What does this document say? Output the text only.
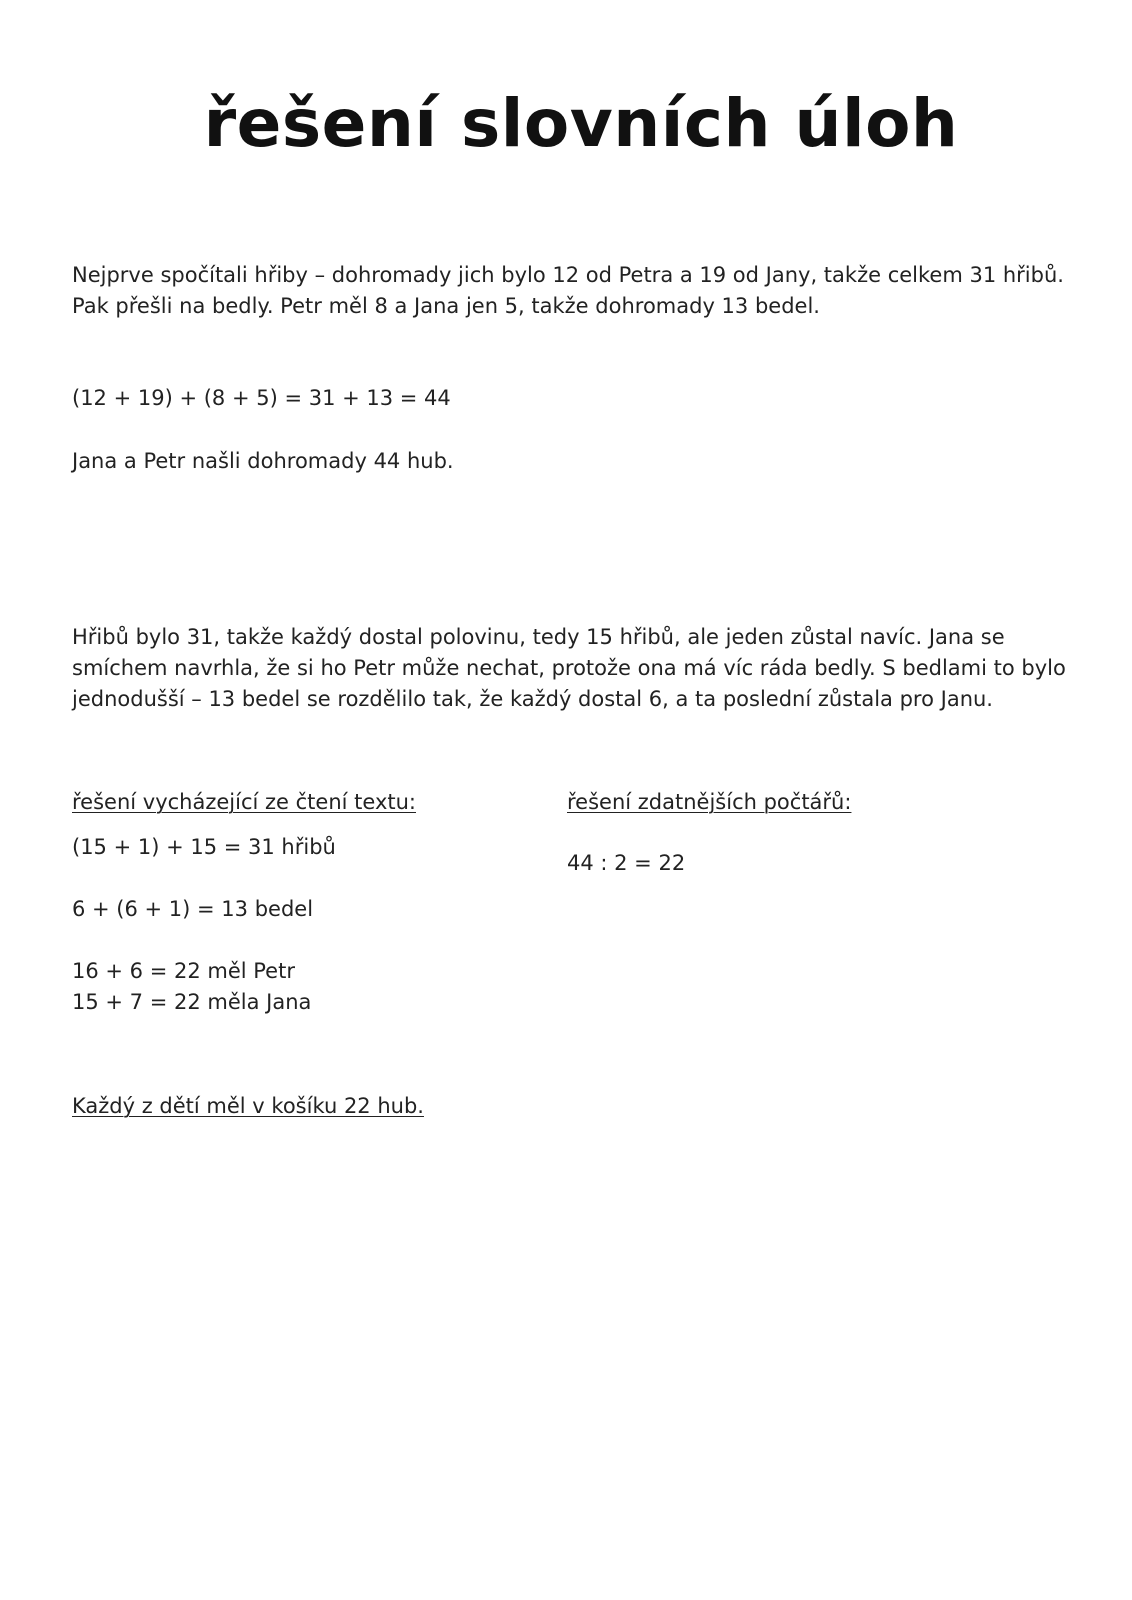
řešení slovních úloh

Nejprve spočítali hřiby – dohromady jich bylo 12 od Petra a 19 od Jany, takže celkem 31 hřibů.

Pak přešli na bedly. Petr měl 8 a Jana jen 5, takže dohromady 13 bedel.

(12 + 19) + (8 + 5) = 31 + 13 = 44

Jana a Petr našli dohromady 44 hub.

Hřibů bylo 31, takže každý dostal polovinu, tedy 15 hřibů, ale jeden zůstal navíc. Jana se

smíchem navrhla, že si ho Petr může nechat, protože ona má víc ráda bedly. S bedlami to bylo

jednodušší – 13 bedel se rozdělilo tak, že každý dostal 6, a ta poslední zůstala pro Janu.

řešení vycházející ze čtení textu:

(15 + 1) + 15 = 31 hřibů

6 + (6 + 1) = 13 bedel

16 + 6 = 22 měl Petr

15 + 7 = 22 měla Jana

řešení zdatnějších počtářů:

44 : 2 = 22

Každý z dětí měl v košíku 22 hub.
